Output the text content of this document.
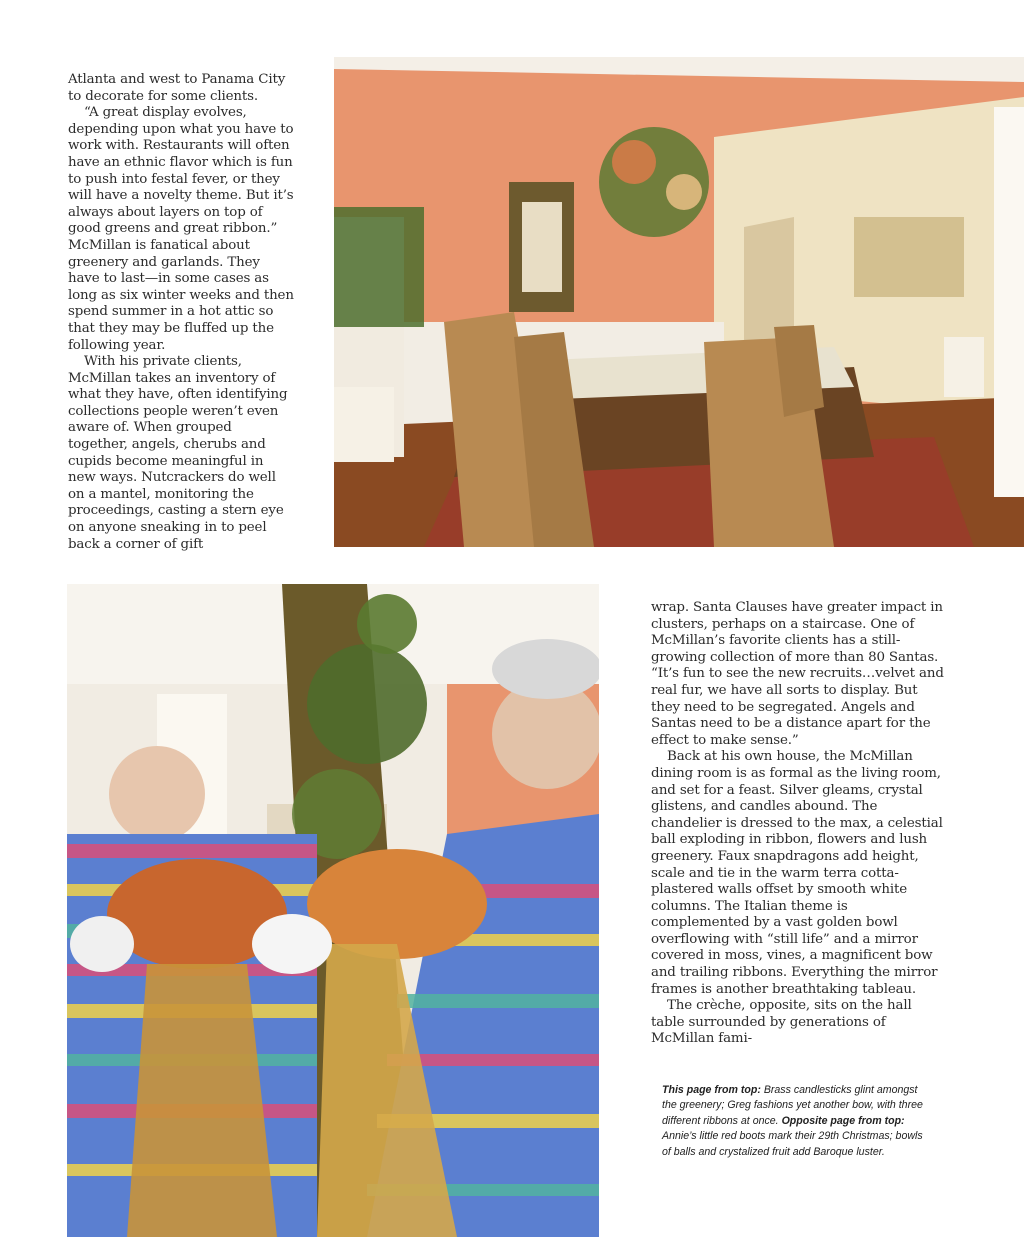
Atlanta and west to Panama City to decorate for some clients.

“A great display evolves, depending upon what you have to work with. Restaurants will often have an ethnic flavor which is fun to push into festal fever, or they will have a novelty theme. But it’s always about layers on top of good greens and great ribbon.” McMillan is fanatical about greenery and garlands. They have to last—in some cases as long as six winter weeks and then spend summer in a hot attic so that they may be fluffed up the following year.

With his private clients, McMillan takes an inventory of what they have, often identifying collections people weren’t even aware of. When grouped together, angels, cherubs and cupids become meaningful in new ways. Nutcrackers do well on a mantel, monitoring the proceedings, casting a stern eye on anyone sneaking in to peel back a corner of gift

wrap. Santa Clauses have greater impact in clusters, perhaps on a staircase. One of McMillan’s favorite clients has a still-growing collection of more than 80 Santas. “It’s fun to see the new recruits…velvet and real fur, we have all sorts to display. But they need to be segregated. Angels and Santas need to be a distance apart for the effect to make sense.”

Back at his own house, the McMillan dining room is as formal as the living room, and set for a feast. Silver gleams, crystal glistens, and candles abound. The chandelier is dressed to the max, a celestial ball exploding in ribbon, flowers and lush greenery. Faux snapdragons add height, scale and tie in the warm terra cotta-plastered walls offset by smooth white columns. The Italian theme is complemented by a vast golden bowl overflowing with “still life” and a mirror covered in moss, vines, a magnificent bow and trailing ribbons. Everything the mirror frames is another breathtaking tableau.

The crèche, opposite, sits on the hall table surrounded by generations of McMillan fami-

This page from top: Brass candlesticks glint amongst the greenery; Greg fashions yet another bow, with three different ribbons at once. Opposite page from top: Annie’s little red boots mark their 29th Christmas; bowls of balls and crystalized fruit add Baroque luster.
